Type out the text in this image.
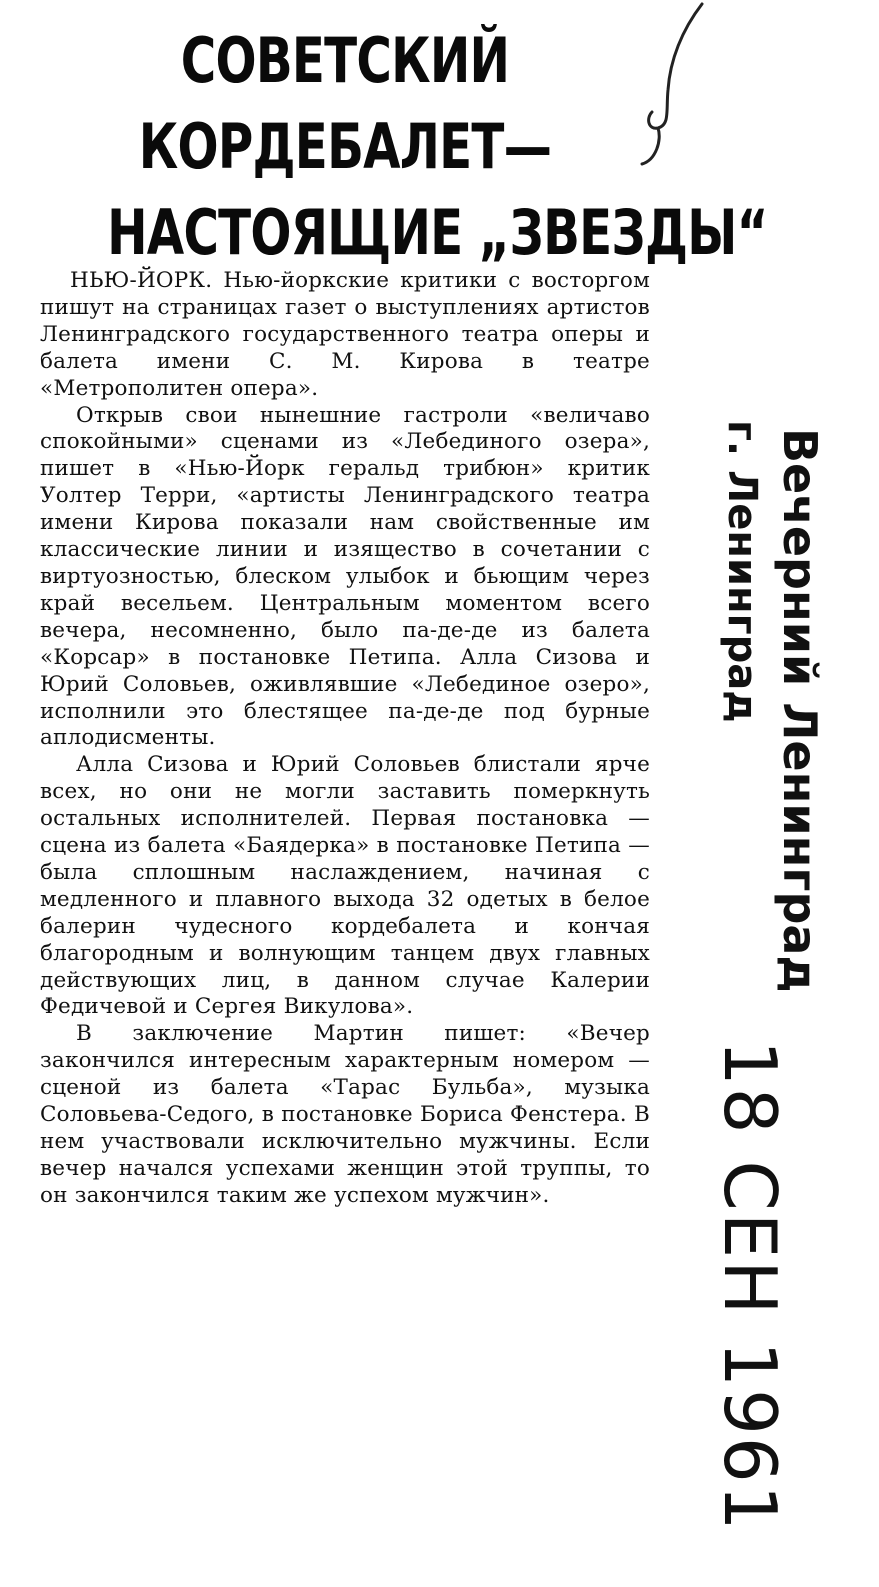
СОВЕТСКИЙ
КОРДЕБАЛЕТ—
НАСТОЯЩИЕ „ЗВЕЗДЫ“

НЬЮ-ЙОРК. Нью-йоркские критики с восторгом пишут на страницах газет о выступлениях артистов Ленинградского государственного театра оперы и балета имени С. М. Кирова в театре «Метрополитен опера».

Открыв свои нынешние гастроли «величаво спокойными» сценами из «Лебединого озера», пишет в «Нью-Йорк геральд трибюн» критик Уолтер Терри, «артисты Ленинградского театра имени Кирова показали нам свойственные им классические линии и изящество в сочетании с виртуозностью, блеском улыбок и бьющим через край весельем. Центральным моментом всего вечера, несомненно, было па-де-де из балета «Корсар» в постановке Петипа. Алла Сизова и Юрий Соловьев, оживлявшие «Лебединое озеро», исполнили это блестящее па-де-де под бурные аплодисменты.

Алла Сизова и Юрий Соловьев блистали ярче всех, но они не могли заставить померкнуть остальных исполнителей. Первая постановка — сцена из балета «Баядерка» в постановке Петипа — была сплошным наслаждением, начиная с медленного и плавного выхода 32 одетых в белое балерин чудесного кордебалета и кончая благородным и волнующим танцем двух главных действующих лиц, в данном случае Калерии Федичевой и Сергея Викулова».

В заключение Мартин пишет: «Вечер закончился интересным характерным номером — сценой из балета «Тарас Бульба», музыка Соловьева-Седого, в постановке Бориса Фенстера. В нем участвовали исключительно мужчины. Если вечер начался успехами женщин этой труппы, то он закончился таким же успехом мужчин».

Вечерний Ленинград
г. Ленинград
18 СЕН 1961
